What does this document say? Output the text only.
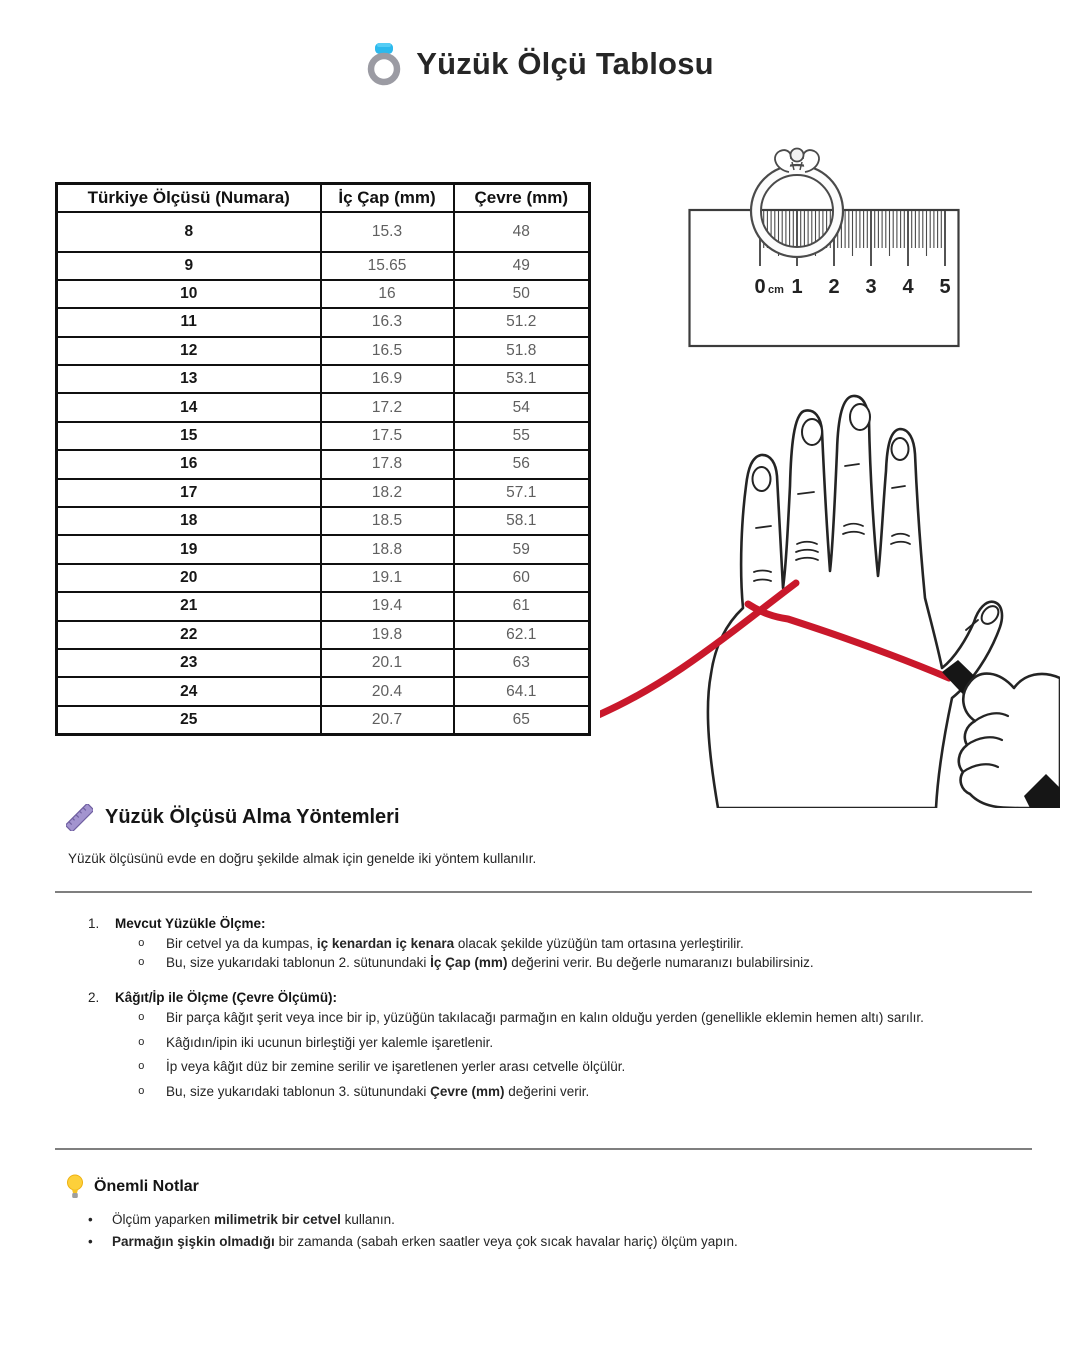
Yüzük Ölçü Tablosu
Türkiye Ölçüsü (Numara)	İç Çap (mm)	Çevre (mm)
8	15.3	48
9	15.65	49
10	16	50
11	16.3	51.2
12	16.5	51.8
13	16.9	53.1
14	17.2	54
15	17.5	55
16	17.8	56
17	18.2	57.1
18	18.5	58.1
19	18.8	59
20	19.1	60
21	19.4	61
22	19.8	62.1
23	20.1	63
24	20.4	64.1
25	20.7	65
0 1 2 3 4 5
cm
Yüzük Ölçüsü Alma Yöntemleri

Yüzük ölçüsünü evde en doğru şekilde almak için genelde iki yöntem kullanılır.

1.	Mevcut Yüzükle Ölçme:
o	Bir cetvel ya da kumpas, iç kenardan iç kenara olacak şekilde yüzüğün tam ortasına yerleştirilir.
o	Bu, size yukarıdaki tablonun 2. sütunundaki İç Çap (mm) değerini verir. Bu değerle numaranızı bulabilirsiniz.
2.	Kâğıt/İp ile Ölçme (Çevre Ölçümü):
o	Bir parça kâğıt şerit veya ince bir ip, yüzüğün takılacağı parmağın en kalın olduğu yerden (genellikle eklemin hemen altı) sarılır.
o	Kâğıdın/ipin iki ucunun birleştiği yer kalemle işaretlenir.
o	İp veya kâğıt düz bir zemine serilir ve işaretlenen yerler arası cetvelle ölçülür.
o	Bu, size yukarıdaki tablonun 3. sütunundaki Çevre (mm) değerini verir.
Önemli Notlar
•	Ölçüm yaparken milimetrik bir cetvel kullanın.
•	Parmağın şişkin olmadığı bir zamanda (sabah erken saatler veya çok sıcak havalar hariç) ölçüm yapın.
